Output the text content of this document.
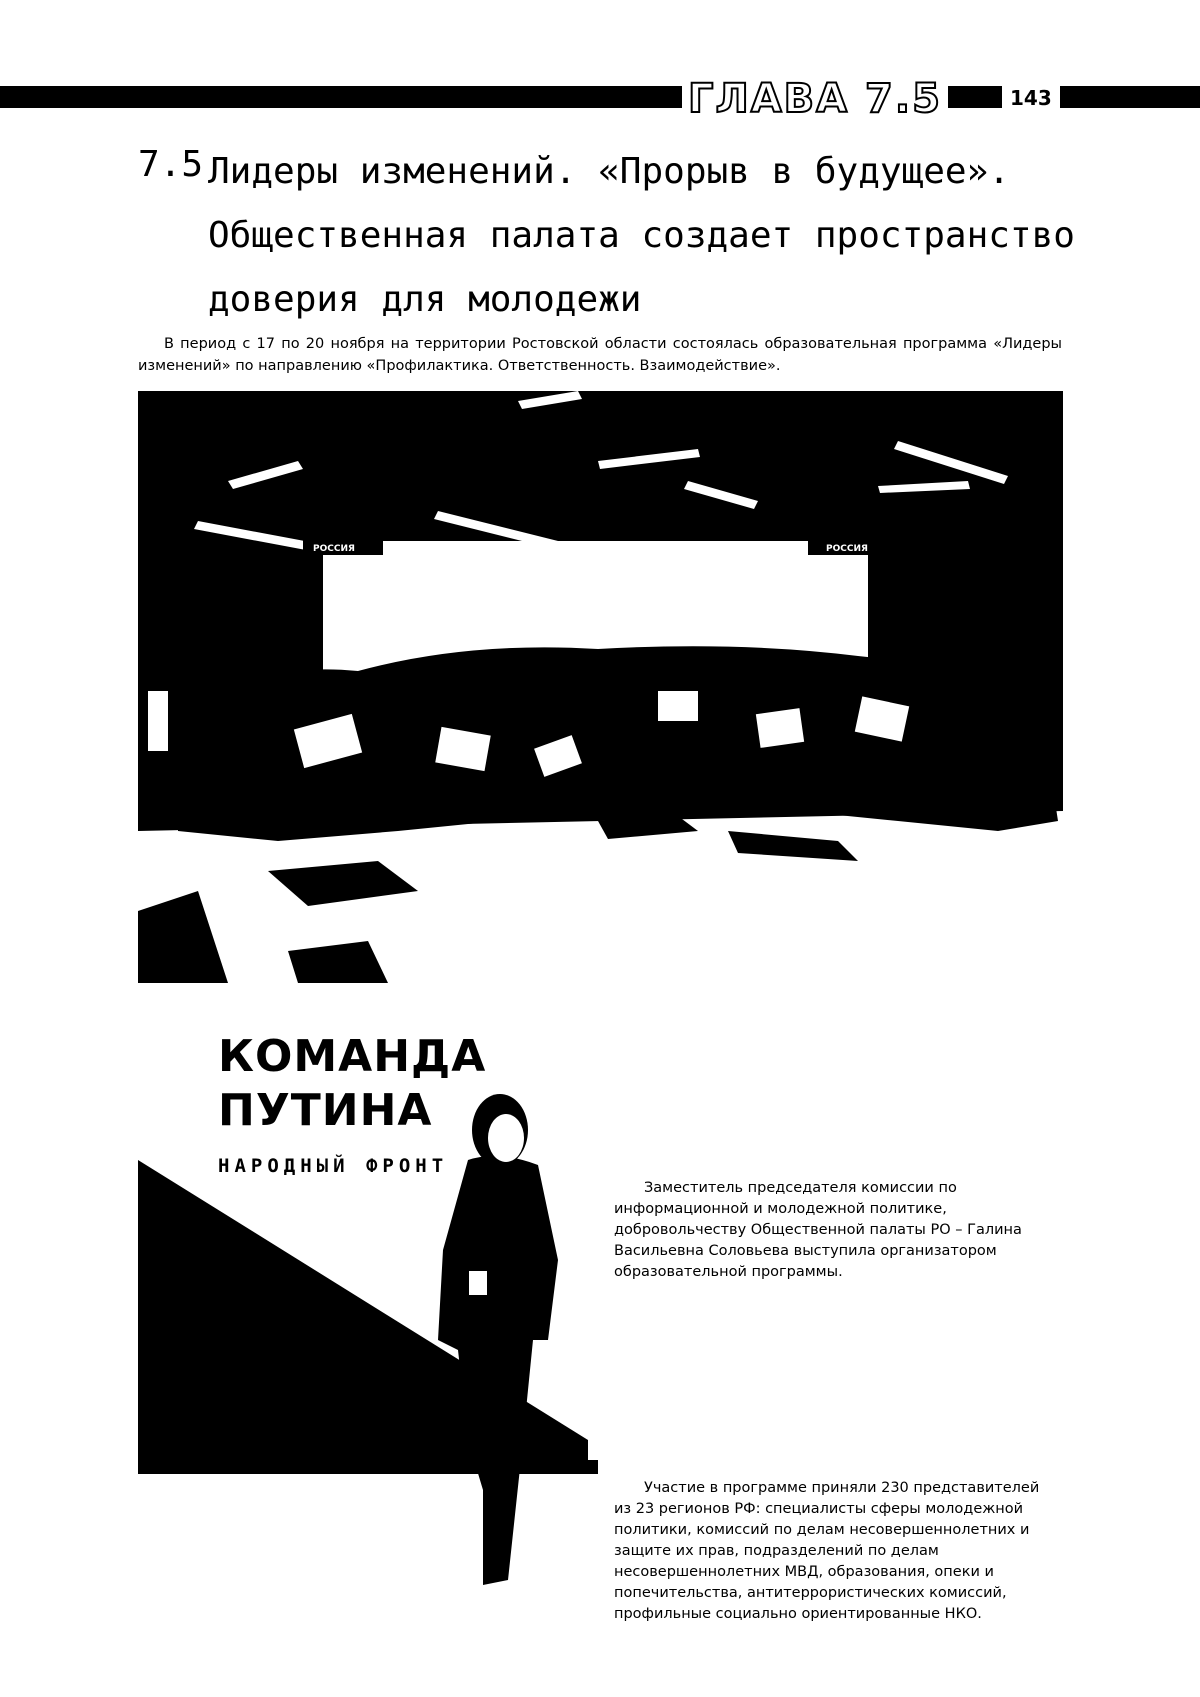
ГЛАВА 7.5	143
7.5 Лидеры изменений. «Прорыв в будущее». Общественная палата создает пространство доверия для молодежи

В период с 17 по 20 ноября на территории Ростовской области состоялась образовательная программа «Лидеры изменений» по направлению «Профилактика. Ответственность. Взаимодействие».

РОССИЯ	РОССИЯ
КОМАНДА
ПУТИНА
НАРОДНЫЙ ФРОНТ

Заместитель председателя комиссии по информационной и молодежной политике, добровольчеству Общественной палаты РО – Галина Васильевна Соловьева выступила организатором образовательной программы.

Участие в программе приняли 230 представителей из 23 регионов РФ: специалисты сферы молодежной политики, комиссий по делам несовершеннолетних и защите их прав, подразделений по делам несовершеннолетних МВД, образования, опеки и попечительства, антитеррористических комиссий, профильные социально ориентированные НКО.
